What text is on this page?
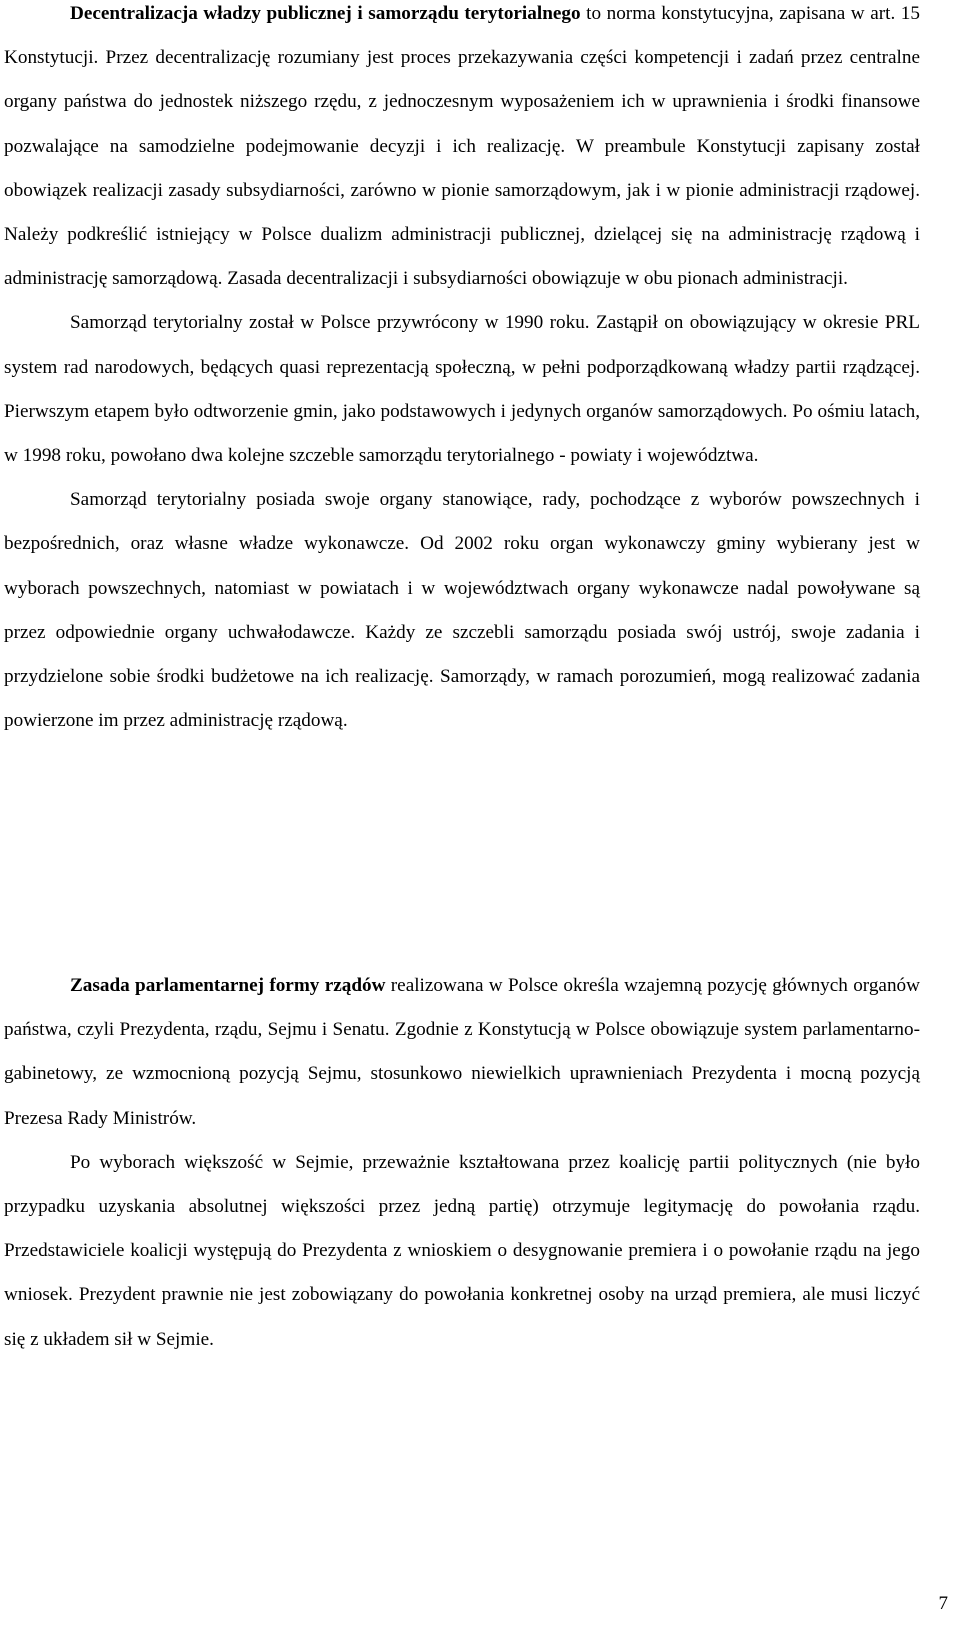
Decentralizacja władzy publicznej i samorządu terytorialnego to norma konstytucyjna, zapisana w art. 15 Konstytucji. Przez decentralizację rozumiany jest proces przekazywania części kompetencji i zadań przez centralne organy państwa do jednostek niższego rzędu, z jednoczesnym wyposażeniem ich w uprawnienia i środki finansowe pozwalające na samodzielne podejmowanie decyzji i ich realizację. W preambule Konstytucji zapisany został obowiązek realizacji zasady subsydiarności, zarówno w pionie samorządowym, jak i w pionie administracji rządowej. Należy podkreślić istniejący w Polsce dualizm administracji publicznej, dzielącej się na administrację rządową i administrację samorządową. Zasada decentralizacji i subsydiarności obowiązuje w obu pionach administracji.

Samorząd terytorialny został w Polsce przywrócony w 1990 roku. Zastąpił on obowiązujący w okresie PRL system rad narodowych, będących quasi reprezentacją społeczną, w pełni podporządkowaną władzy partii rządzącej. Pierwszym etapem było odtworzenie gmin, jako podstawowych i jedynych organów samorządowych. Po ośmiu latach, w 1998 roku, powołano dwa kolejne szczeble samorządu terytorialnego - powiaty i województwa.

Samorząd terytorialny posiada swoje organy stanowiące, rady, pochodzące z wyborów powszechnych i bezpośrednich, oraz własne władze wykonawcze. Od 2002 roku organ wykonawczy gminy wybierany jest w wyborach powszechnych, natomiast w powiatach i w województwach organy wykonawcze nadal powoływane są przez odpowiednie organy uchwałodawcze. Każdy ze szczebli samorządu posiada swój ustrój, swoje zadania i przydzielone sobie środki budżetowe na ich realizację. Samorządy, w ramach porozumień, mogą realizować zadania powierzone im przez administrację rządową.

Zasada parlamentarnej formy rządów realizowana w Polsce określa wzajemną pozycję głównych organów państwa, czyli Prezydenta, rządu, Sejmu i Senatu. Zgodnie z Konstytucją w Polsce obowiązuje system parlamentarno-gabinetowy, ze wzmocnioną pozycją Sejmu, stosunkowo niewielkich uprawnieniach Prezydenta i mocną pozycją Prezesa Rady Ministrów.

Po wyborach większość w Sejmie, przeważnie kształtowana przez koalicję partii politycznych (nie było przypadku uzyskania absolutnej większości przez jedną partię) otrzymuje legitymację do powołania rządu. Przedstawiciele koalicji występują do Prezydenta z wnioskiem o desygnowanie premiera i o powołanie rządu na jego wniosek. Prezydent prawnie nie jest zobowiązany do powołania konkretnej osoby na urząd premiera, ale musi liczyć się z układem sił w Sejmie.

7
